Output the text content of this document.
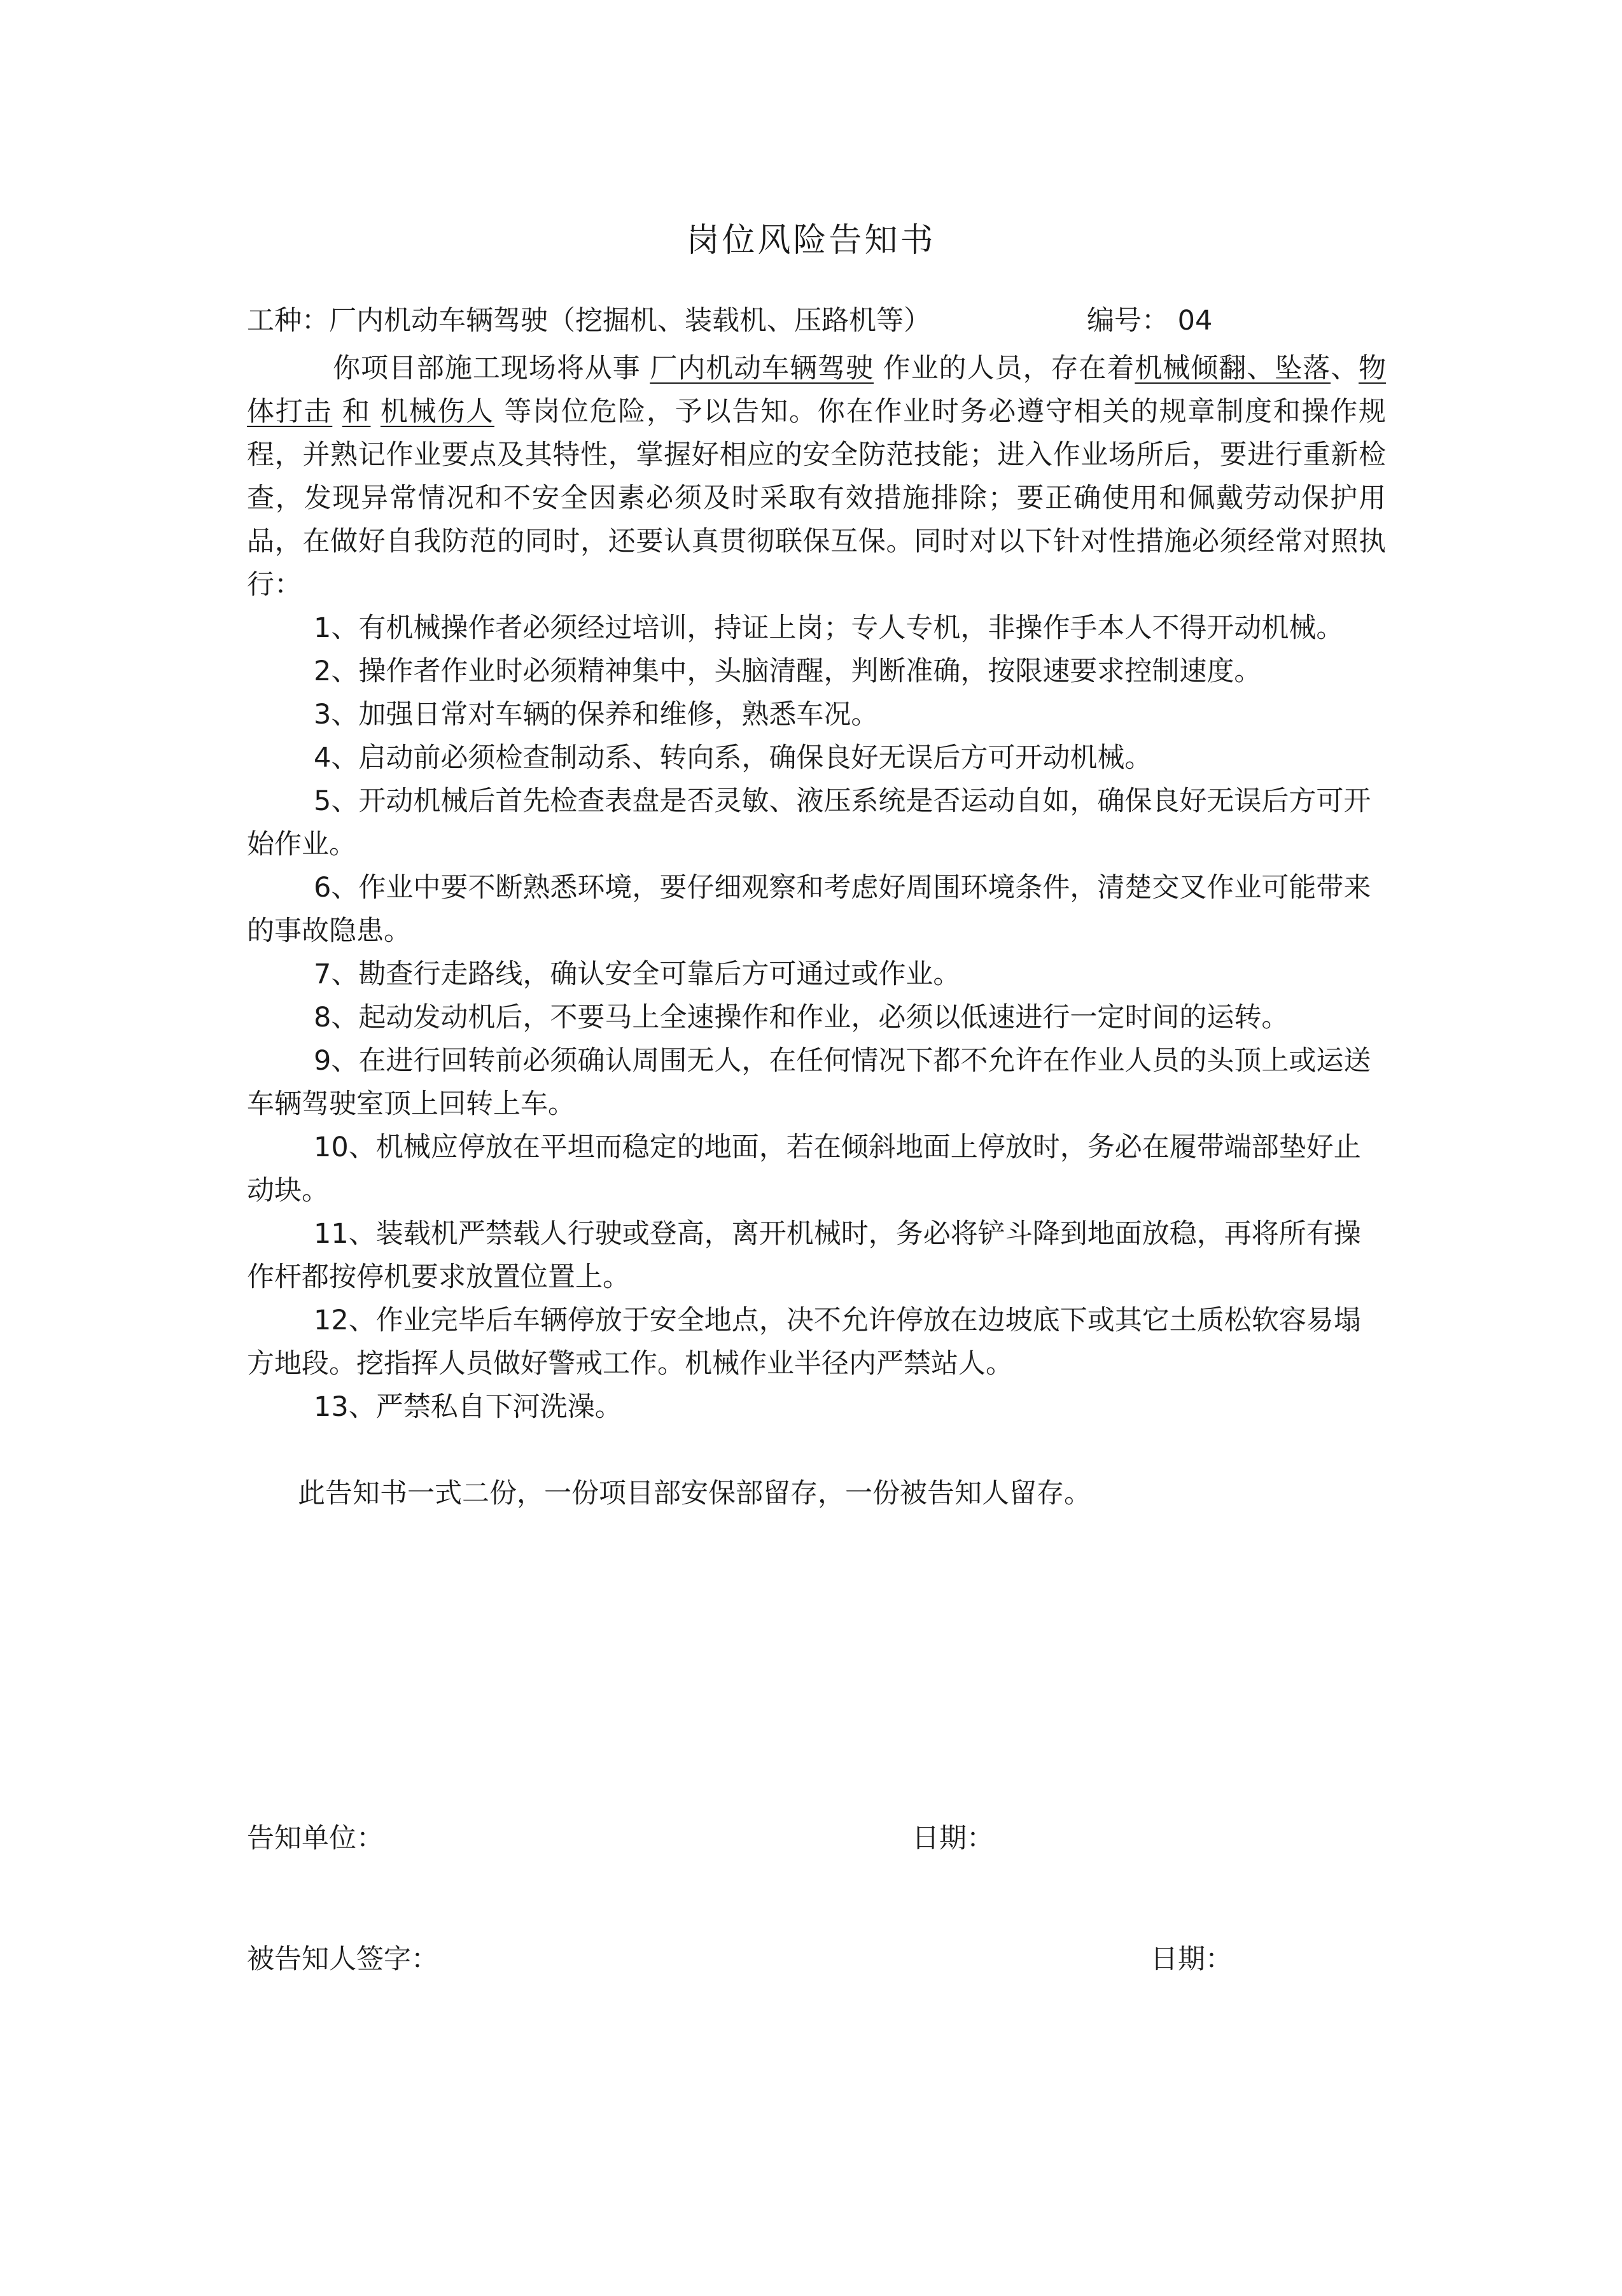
岗位风险告知书
工种：厂内机动车辆驾驶（挖掘机、装载机、压路机等）	编号： 04
你项目部施工现场将从事 厂内机动车辆驾驶 作业的人员，存在着机械倾翻、坠落、物体打击 和 机械伤人 等岗位危险，予以告知。你在作业时务必遵守相关的规章制度和操作规程，并熟记作业要点及其特性，掌握好相应的安全防范技能；进入作业场所后，要进行重新检查，发现异常情况和不安全因素必须及时采取有效措施排除；要正确使用和佩戴劳动保护用品，在做好自我防范的同时，还要认真贯彻联保互保。同时对以下针对性措施必须经常对照执行：
1、有机械操作者必须经过培训，持证上岗；专人专机，非操作手本人不得开动机械。
2、操作者作业时必须精神集中，头脑清醒，判断准确，按限速要求控制速度。
3、加强日常对车辆的保养和维修，熟悉车况。
4、启动前必须检查制动系、转向系，确保良好无误后方可开动机械。
5、开动机械后首先检查表盘是否灵敏、液压系统是否运动自如，确保良好无误后方可开始作业。
6、作业中要不断熟悉环境，要仔细观察和考虑好周围环境条件，清楚交叉作业可能带来的事故隐患。
7、勘查行走路线，确认安全可靠后方可通过或作业。
8、起动发动机后，不要马上全速操作和作业，必须以低速进行一定时间的运转。
9、在进行回转前必须确认周围无人，在任何情况下都不允许在作业人员的头顶上或运送车辆驾驶室顶上回转上车。
10、机械应停放在平坦而稳定的地面，若在倾斜地面上停放时，务必在履带端部垫好止动块。
11、装载机严禁载人行驶或登高，离开机械时，务必将铲斗降到地面放稳，再将所有操作杆都按停机要求放置位置上。
12、作业完毕后车辆停放于安全地点，决不允许停放在边坡底下或其它土质松软容易塌方地段。挖指挥人员做好警戒工作。机械作业半径内严禁站人。
13、严禁私自下河洗澡。
此告知书一式二份，一份项目部安保部留存，一份被告知人留存。
告知单位：	日期：
被告知人签字：	日期：
